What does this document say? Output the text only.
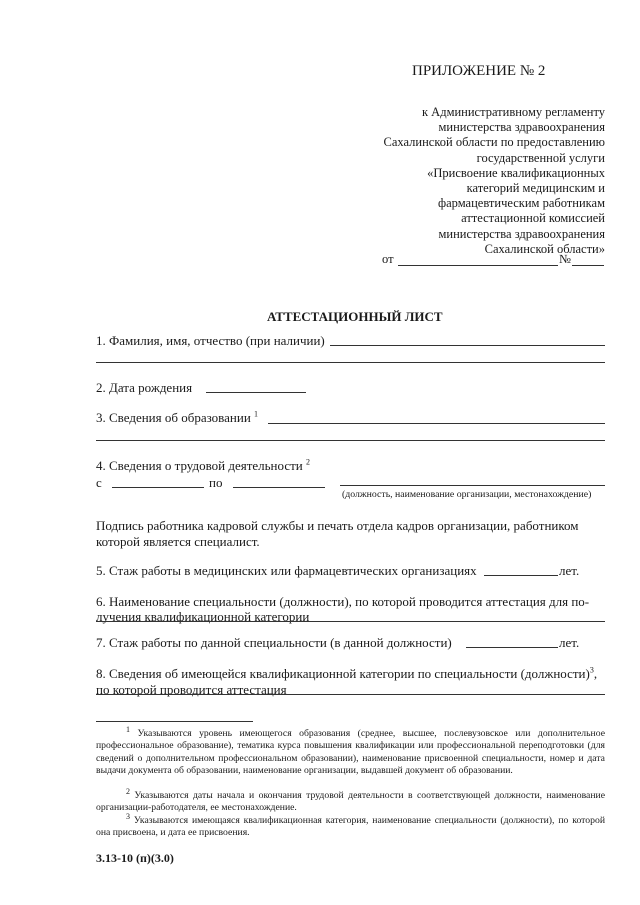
ПРИЛОЖЕНИЕ № 2
к Административному регламенту
министерства здравоохранения
Сахалинской области по предоставлению
государственной услуги
«Присвоение квалификационных
категорий медицинским и
фармацевтическим работникам
аттестационной комиссией
министерства здравоохранения
Сахалинской области»
от	№
АТТЕСТАЦИОННЫЙ ЛИСТ
1. Фамилия, имя, отчество (при наличии)
2. Дата рождения
3. Сведения об образовании $^1$
4. Сведения о трудовой деятельности $^2$
с	по
(должность, наименование организации, местонахождение)
Подпись работника кадровой службы и печать отдела кадров организации, работником
которой является специалист.
5. Стаж работы в медицинских или фармацевтических организациях	лет.
6. Наименование специальности (должности), по которой проводится аттестация для по-
лучения квалификационной категории
7. Стаж работы по данной специальности (в данной должности)	лет.
8. Сведения об имеющейся квалификационной категории по специальности (должности)$^3$,
по которой проводится аттестация
$^1$ Указываются уровень имеющегося образования (среднее, высшее, послевузовское или дополнительное профессиональное образование), тематика курса повышения квалификации или профессиональной переподготовки (для сведений о дополнительном профессиональном образовании), наименование присвоенной специальности, номер и дата выдачи документа об образовании, наименование организации, выдавшей документ об образовании.
$^2$ Указываются даты начала и окончания трудовой деятельности в соответствующей должности, наименование организации-работодателя, ее местонахождение.
$^3$ Указываются имеющаяся квалификационная категория, наименование специальности (должности), по которой она присвоена, и дата ее присвоения.
3.13-10 (п)(3.0)
